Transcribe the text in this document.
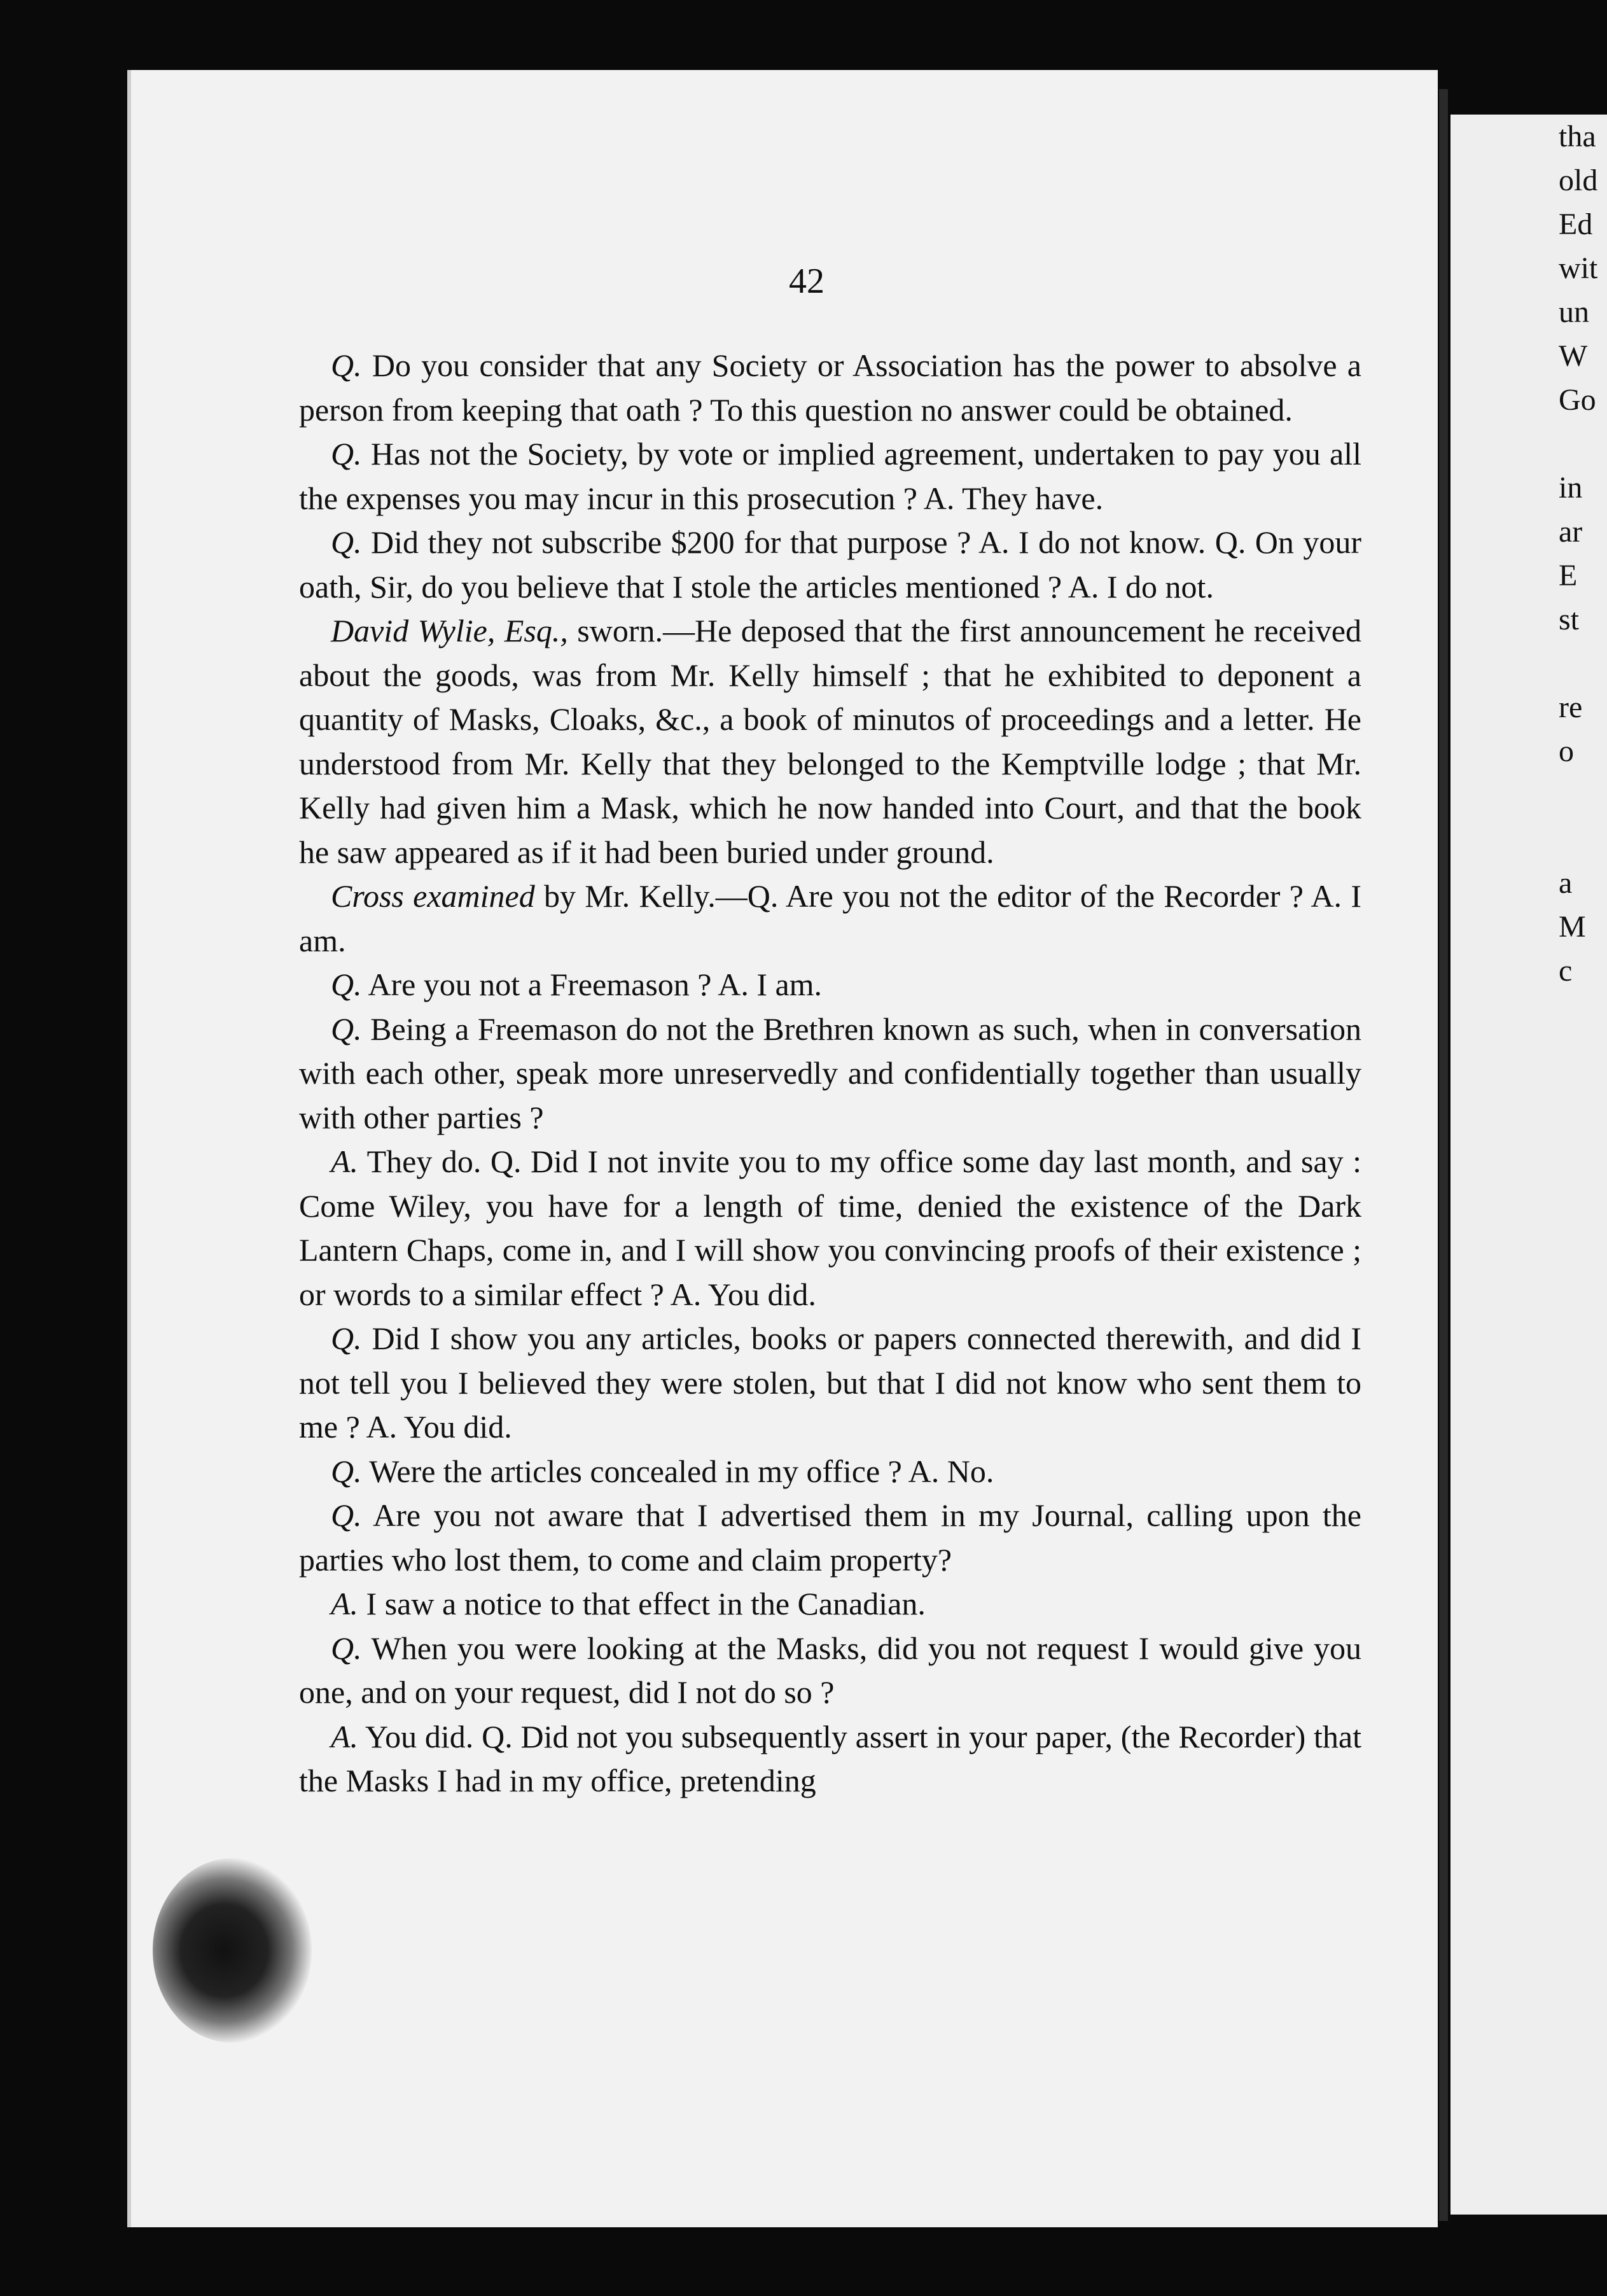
tha
old
Ed
wit
un
W
Go

in
ar
E
st

re
o

a
M
c

42

Q. Do you consider that any Society or Association has the power to absolve a person from keeping that oath ? To this question no answer could be obtained.

Q. Has not the Society, by vote or implied agreement, undertaken to pay you all the expenses you may incur in this prosecution ? A. They have.

Q. Did they not subscribe $200 for that purpose ? A. I do not know. Q. On your oath, Sir, do you believe that I stole the articles mentioned ? A. I do not.

David Wylie, Esq., sworn.—He deposed that the first announcement he received about the goods, was from Mr. Kelly himself ; that he exhibited to deponent a quantity of Masks, Cloaks, &c., a book of minutos of proceedings and a letter. He understood from Mr. Kelly that they belonged to the Kemptville lodge ; that Mr. Kelly had given him a Mask, which he now handed into Court, and that the book he saw appeared as if it had been buried under ground.

Cross examined by Mr. Kelly.—Q. Are you not the editor of the Recorder ? A. I am.

Q. Are you not a Freemason ? A. I am.

Q. Being a Freemason do not the Brethren known as such, when in conversation with each other, speak more unreservedly and confidentially together than usually with other parties ?

A. They do. Q. Did I not invite you to my office some day last month, and say : Come Wiley, you have for a length of time, denied the existence of the Dark Lantern Chaps, come in, and I will show you convincing proofs of their existence ; or words to a similar effect ? A. You did.

Q. Did I show you any articles, books or papers connected therewith, and did I not tell you I believed they were stolen, but that I did not know who sent them to me ? A. You did.

Q. Were the articles concealed in my office ? A. No.

Q. Are you not aware that I advertised them in my Journal, calling upon the parties who lost them, to come and claim property?

A. I saw a notice to that effect in the Canadian.

Q. When you were looking at the Masks, did you not request I would give you one, and on your request, did I not do so ?

A. You did. Q. Did not you subsequently assert in your paper, (the Recorder) that the Masks I had in my office, pretending
